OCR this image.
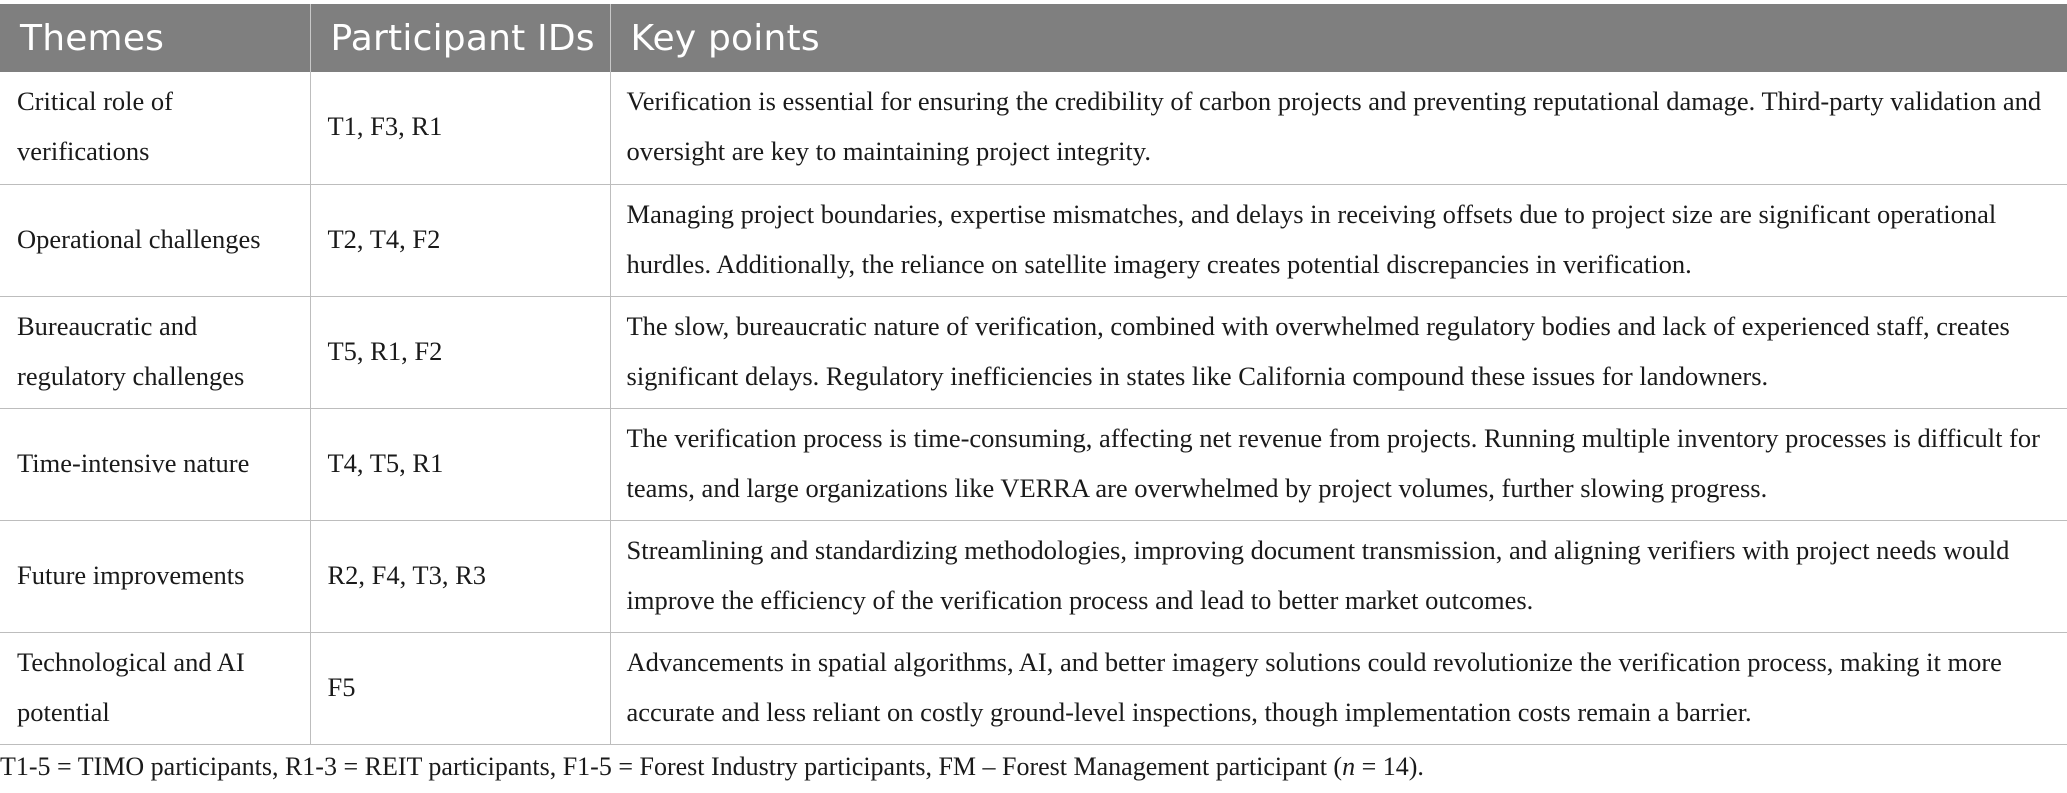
Themes	Participant IDs	Key points
Critical role of verifications	T1, F3, R1	Verification is essential for ensuring the credibility of carbon projects and preventing reputational damage. Third-party validation and oversight are key to maintaining project integrity.
Operational challenges	T2, T4, F2	Managing project boundaries, expertise mismatches, and delays in receiving offsets due to project size are significant operational hurdles. Additionally, the reliance on satellite imagery creates potential discrepancies in verification.
Bureaucratic and regulatory challenges	T5, R1, F2	The slow, bureaucratic nature of verification, combined with overwhelmed regulatory bodies and lack of experienced staff, creates significant delays. Regulatory inefficiencies in states like California compound these issues for landowners.
Time-intensive nature	T4, T5, R1	The verification process is time-consuming, affecting net revenue from projects. Running multiple inventory processes is difficult for teams, and large organizations like VERRA are overwhelmed by project volumes, further slowing progress.
Future improvements	R2, F4, T3, R3	Streamlining and standardizing methodologies, improving document transmission, and aligning verifiers with project needs would improve the efficiency of the verification process and lead to better market outcomes.
Technological and AI potential	F5	Advancements in spatial algorithms, AI, and better imagery solutions could revolutionize the verification process, making it more accurate and less reliant on costly ground-level inspections, though implementation costs remain a barrier.
T1-5 = TIMO participants, R1-3 = REIT participants, F1-5 = Forest Industry participants, FM – Forest Management participant (n = 14).
